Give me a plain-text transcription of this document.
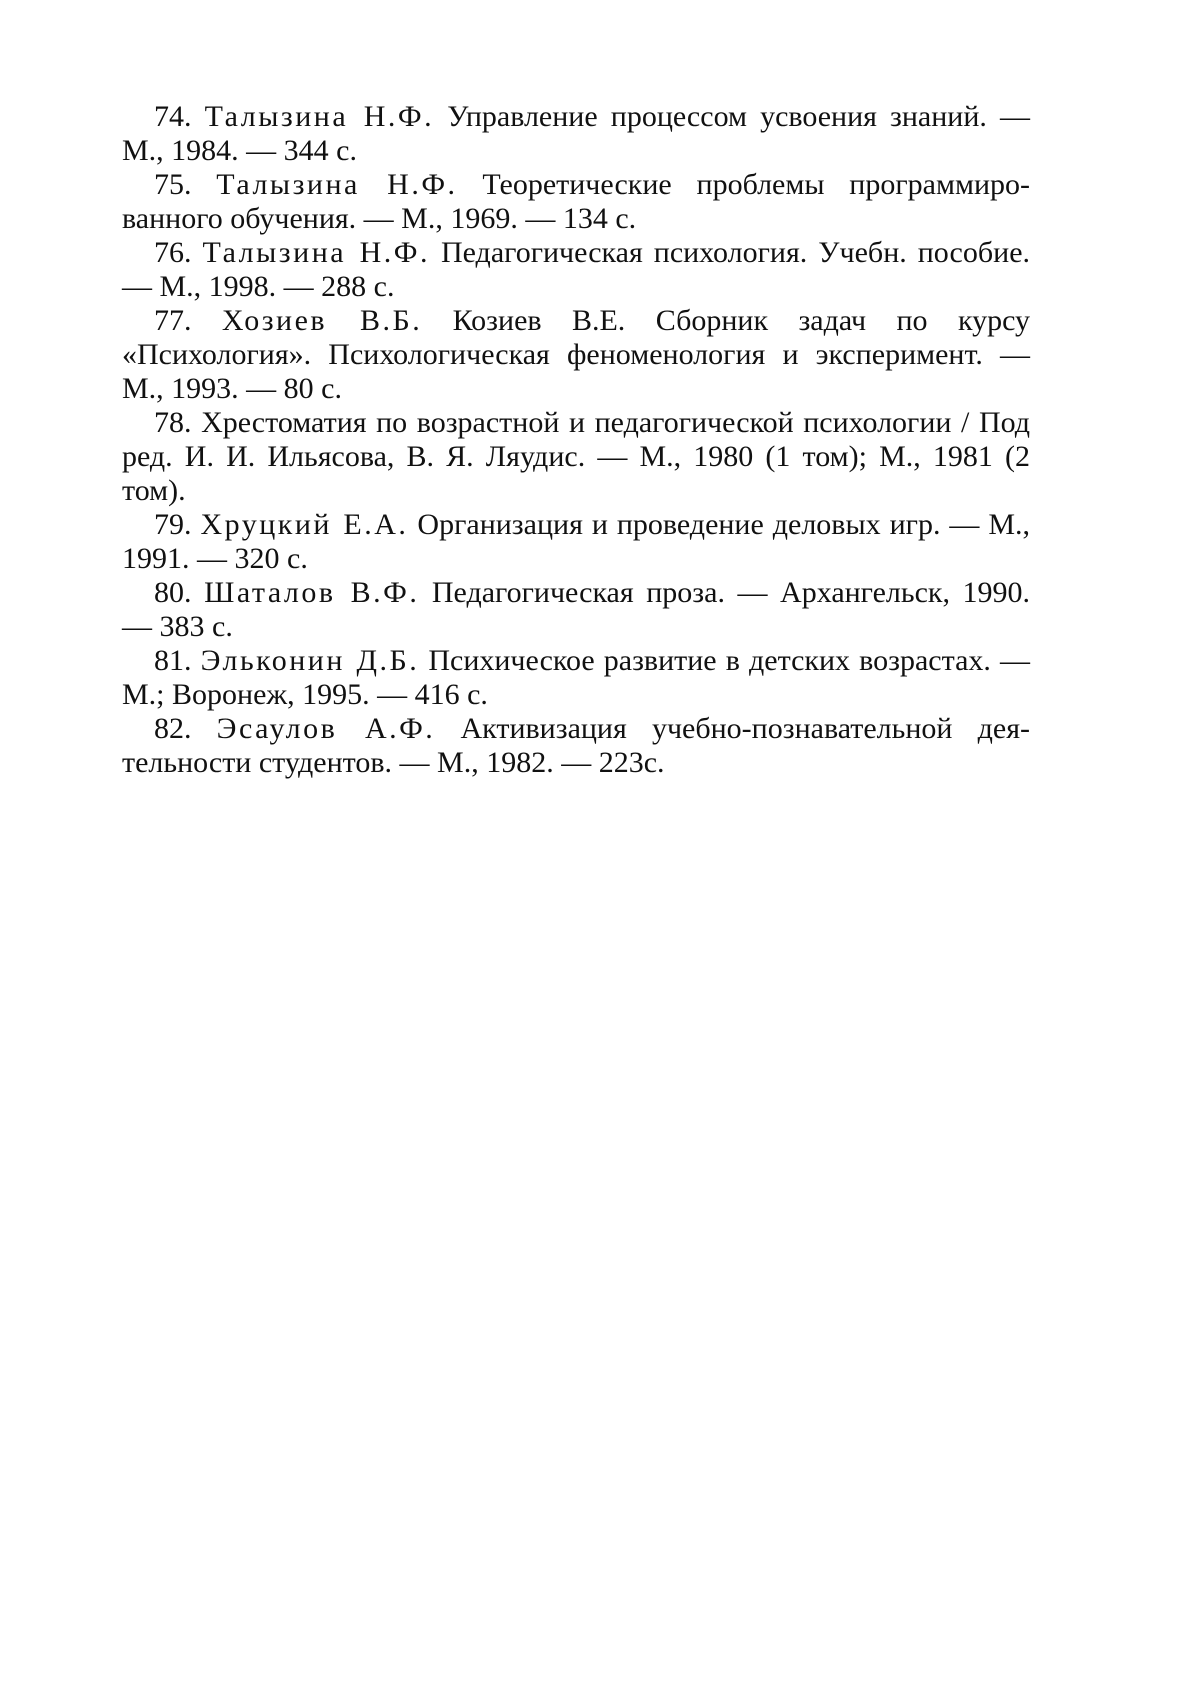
74. Талызина Н.Ф. Управление процессом усвоения знаний. — М., 1984. — 344 с.

75. Талызина Н.Ф. Теоретические проблемы программированного обучения. — М., 1969. — 134 с.

76. Талызина Н.Ф. Педагогическая психология. Учебн. пособие. — М., 1998. — 288 с.

77. Хозиев В.Б. Козиев В.Е. Сборник задач по курсу «Психология». Психологическая феноменология и эксперимент. — М., 1993. — 80 с.

78. Хрестоматия по возрастной и педагогической психологии / Под ред. И. И. Ильясова, В. Я. Ляудис. — М., 1980 (1 том); М., 1981 (2 том).

79. Хруцкий Е.А. Организация и проведение деловых игр. — М., 1991. — 320 с.

80. Шаталов В.Ф. Педагогическая проза. — Архангельск, 1990. — 383 с.

81. Эльконин Д.Б. Психическое развитие в детских возрастах. — М.; Воронеж, 1995. — 416 с.

82. Эсаулов А.Ф. Активизация учебно-познавательной деятельности студентов. — М., 1982. — 223с.
